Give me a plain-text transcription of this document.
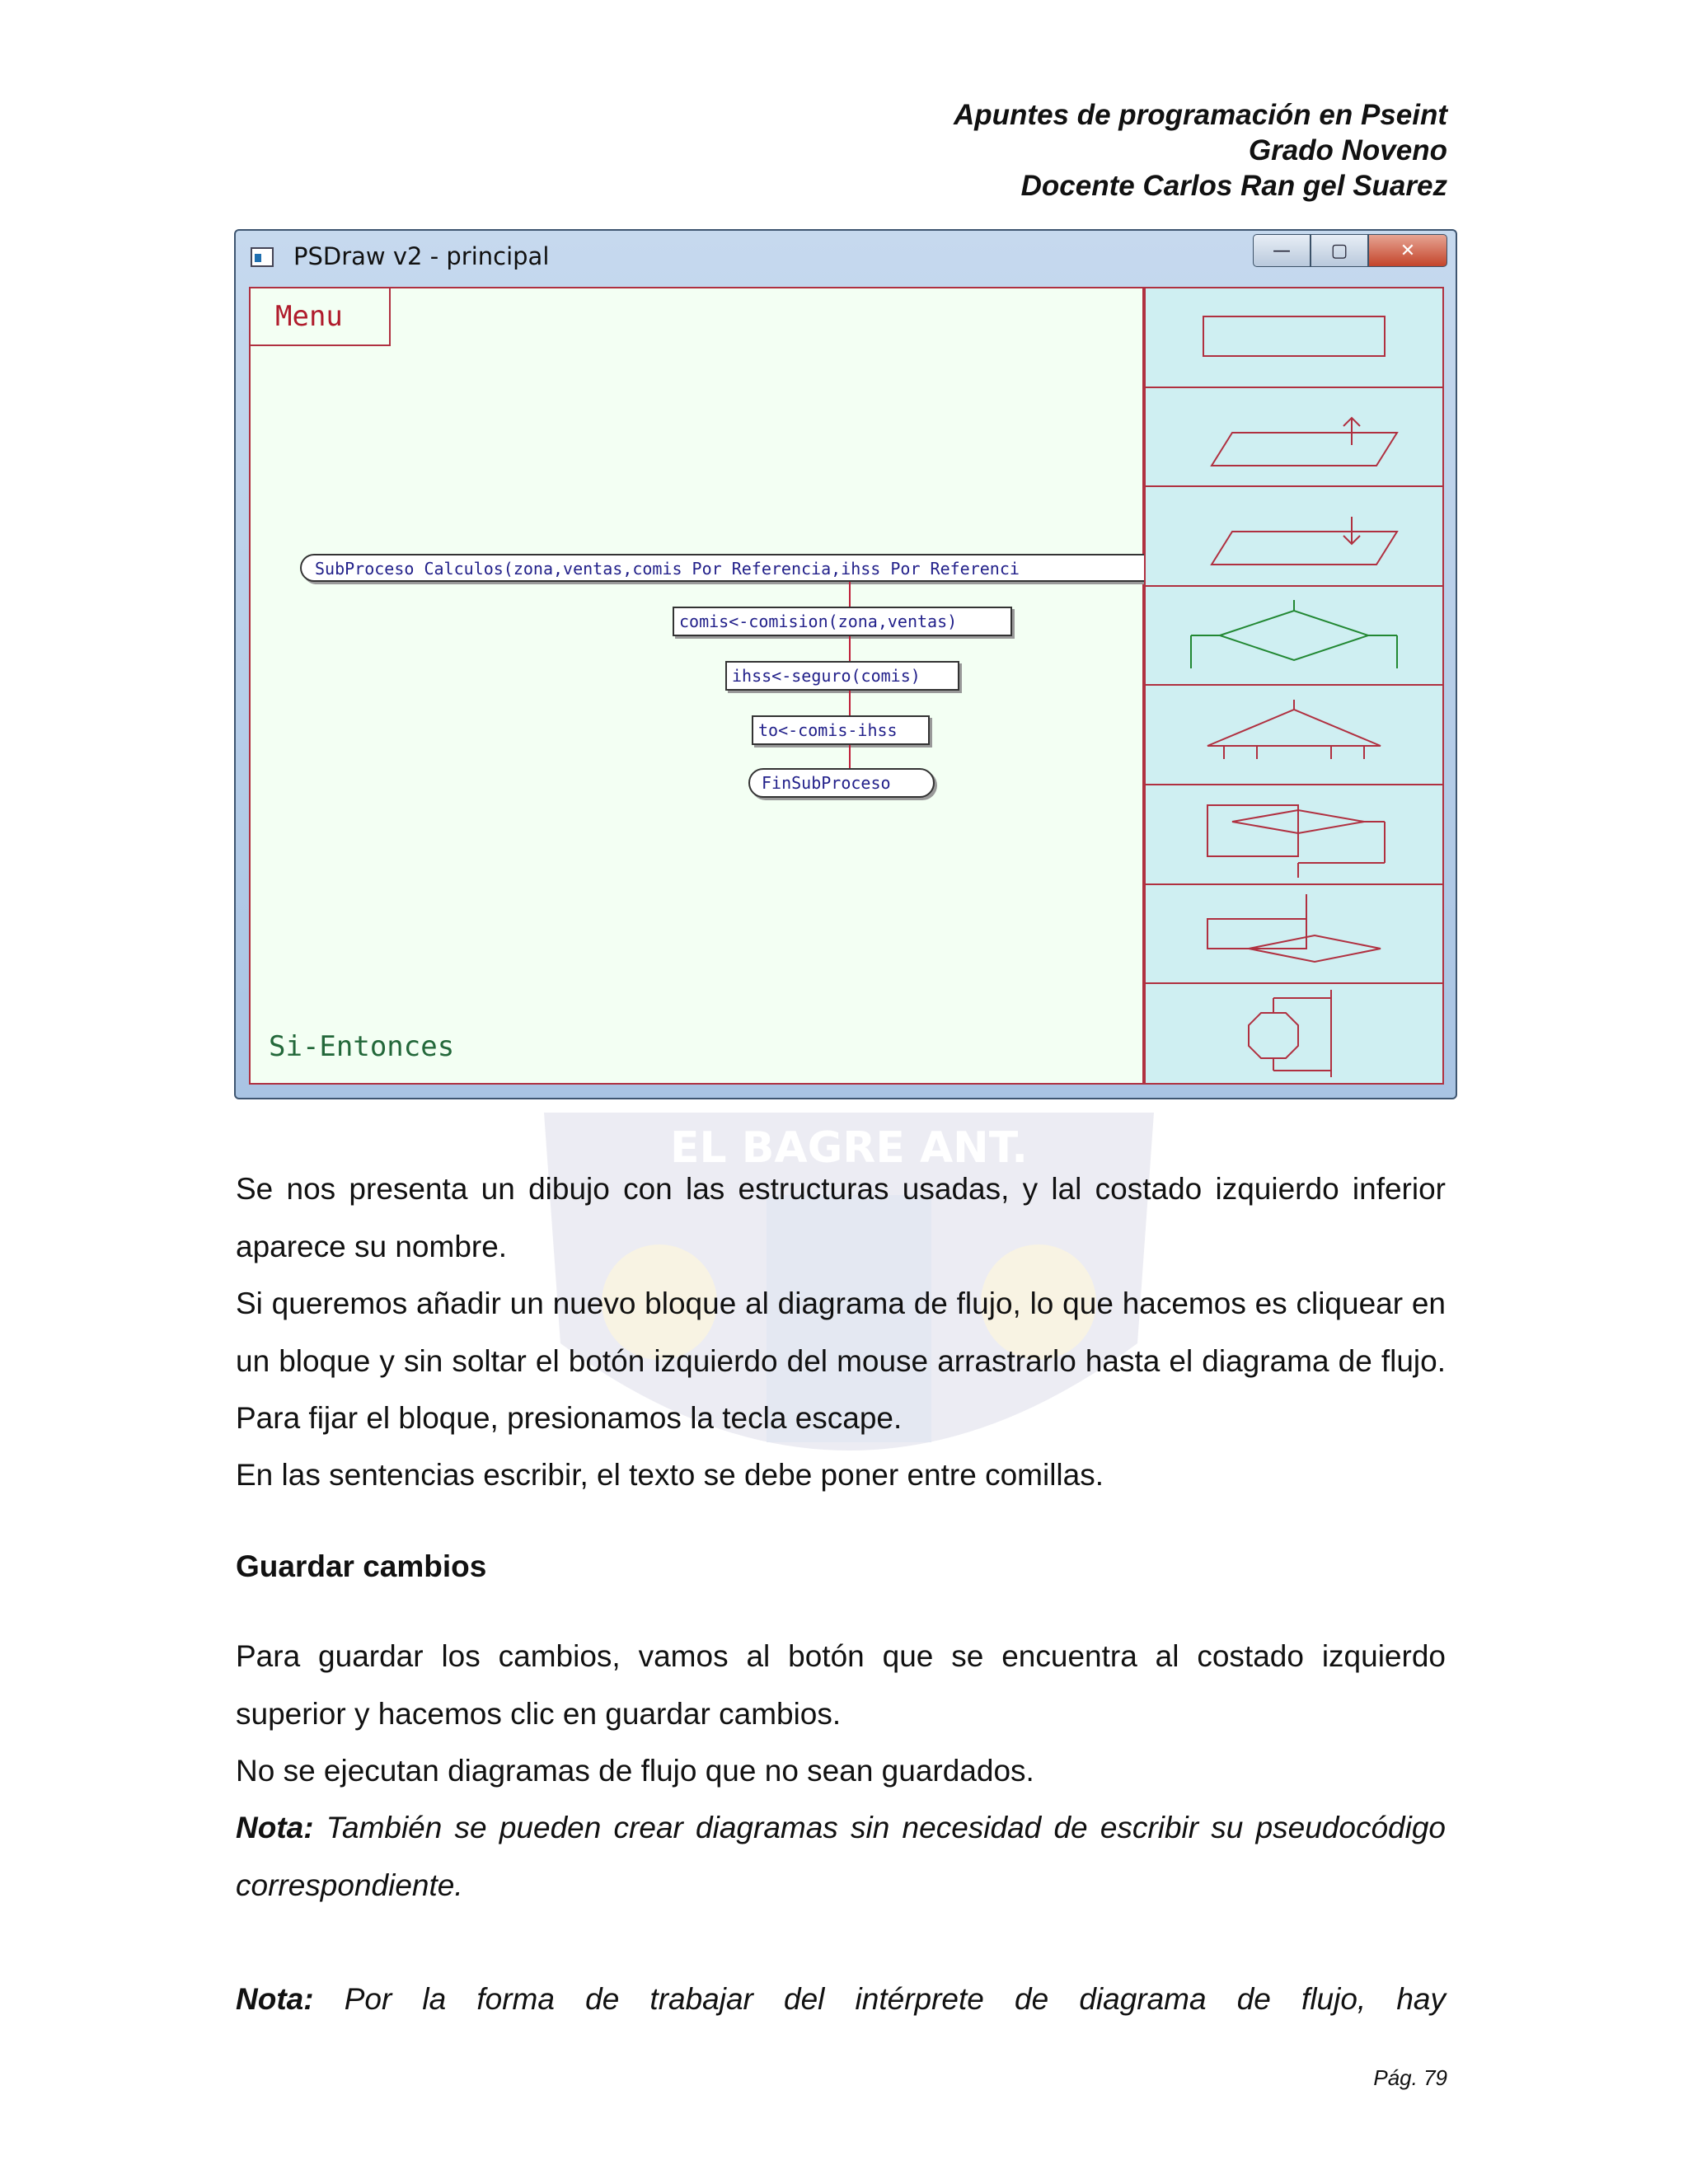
Apuntes de programación en Pseint
Grado Noveno
Docente Carlos Ran gel Suarez
EL BAGRE ANT.
PSDraw v2 - principal	— ▢	✕
Menu
SubProceso Calculos(zona,ventas,comis Por Referencia,ihss Por Referenci
comis<-comision(zona,ventas)
ihss<-seguro(comis)
to<-comis-ihss
FinSubProceso
Si-Entonces

Se nos presenta un dibujo con las estructuras usadas, y lal costado izquierdo inferior aparece su nombre.

Si queremos añadir un nuevo bloque al diagrama de flujo, lo que hacemos es cliquear en un bloque y sin soltar el botón izquierdo del mouse arrastrarlo hasta el diagrama de flujo. Para fijar el bloque, presionamos la tecla escape.

En las sentencias escribir, el texto se debe poner entre comillas.

Guardar cambios

Para guardar los cambios, vamos al botón que se encuentra al costado izquierdo superior y hacemos clic en guardar cambios.

No se ejecutan diagramas de flujo que no sean guardados.

Nota: También se pueden crear diagramas sin necesidad de escribir su pseudocódigo correspondiente.

Nota: Por la forma de trabajar del intérprete de diagrama de flujo, hay

Pág. 79
